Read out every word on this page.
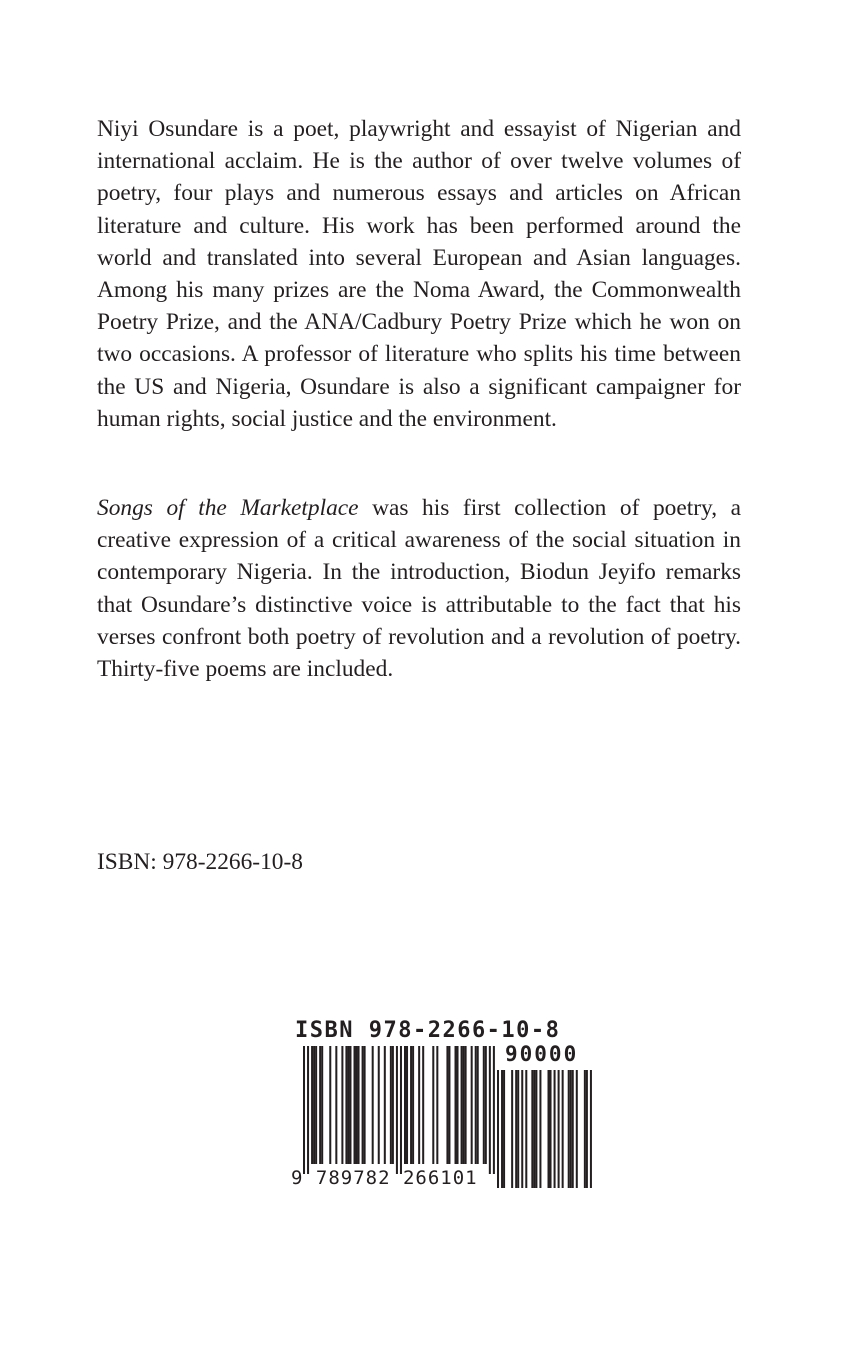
Niyi Osundare is a poet, playwright and essayist of Nigerian and international acclaim. He is the author of over twelve volumes of poetry, four plays and numerous essays and articles on African literature and culture. His work has been performed around the world and translated into several European and Asian languages. Among his many prizes are the Noma Award, the Commonwealth Poetry Prize, and the ANA/Cadbury Poetry Prize which he won on two occasions. A professor of literature who splits his time between the US and Nigeria, Osundare is also a significant campaigner for human rights, social justice and the environment.

Songs of the Marketplace was his first collection of poetry, a creative expression of a critical awareness of the social situation in contemporary Nigeria. In the introduction, Biodun Jeyifo remarks that Osundare’s distinctive voice is attributable to the fact that his verses confront both poetry of revolution and a revolution of poetry. Thirty-five poems are included.

ISBN: 978-2266-10-8

ISBN 978-2266-10-8
90000
9 789782 266101
